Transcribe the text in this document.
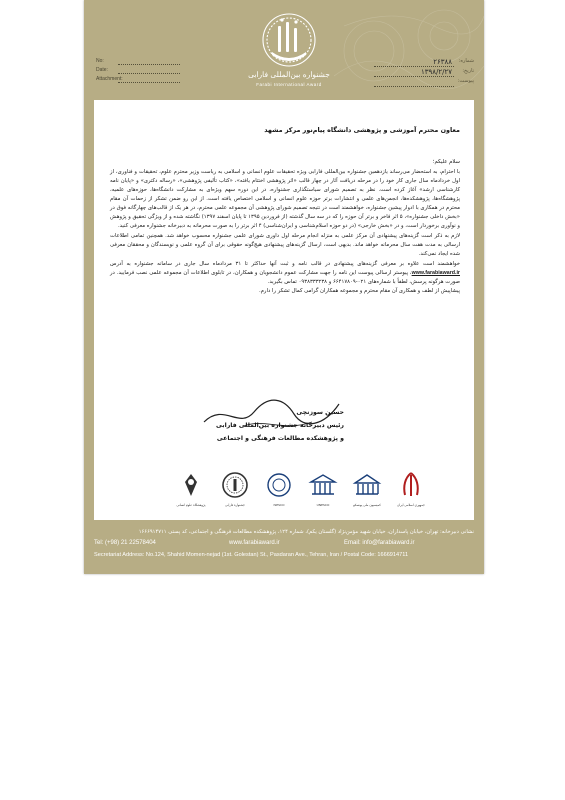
No:
Date:
Attachment:	جشنواره بین‌المللی فارابی
Farabi International Award
شماره:
۲۶۳۸۸
تاریخ:
۱۳۹۸/۲/۲۷
پیوست:
معاون محترم آموزشی و پژوهشی دانشگاه پیام‌نور مرکز مشهد

سلام علیکم؛

با احترام، به استحضار می‌رساند یازدهمین جشنواره بین‌المللی فارابی ویژه تحقیقات علوم انسانی و اسلامی به ریاست وزیر محترم علوم، تحقیقات و فناوری، از اول خردادماه سال جاری کار خود را در مرحله دریافت آثار در چهار قالب «اثر پژوهشی اختتام یافته»، «کتاب تألیفی پژوهشی»، «رساله دکتری» و «پایان نامه کارشناسی ارشد» آغاز کرده است. نظر به تصمیم شورای سیاستگذاری جشنواره، در این دوره سهم ویژه‌ای به مشارکت دانشگاه‌ها، حوزه‌های علمیه، پژوهشگاه‌ها، پژوهشکده‌ها، انجمن‌های علمی و انتشارات برتر حوزه علوم انسانی و اسلامی اختصاص یافته است. از این رو ضمن تشکر از زحمات آن مقام محترم در همکاری با ادوار پیشین جشنواره، خواهشمند است در نتیجه تصمیم شورای پژوهشی آن مجموعه علمی محترم، در هر یک از قالب‌های چهارگانه فوق در «بخش داخلی جشنواره»، ۵ اثر فاخر و برتر آن حوزه را که در سه سال گذشته (از فروردین ۱۳۹۵ تا پایان اسفند ۱۳۹۷) نگاشته شده و از ویژگی تحقیق و پژوهش و نوآوری برخوردار است، و در «بخش خارجی» (در دو حوزه اسلام‌شناسی و ایران‌شناسی) ۴ اثر برتر را به صورت محرمانه به دبیرخانه جشنواره معرفی کنید.

لازم به ذکر است گزینه‌های پیشنهادی آن مرکز علمی به منزله انجام مرحله اول داوری شورای علمی جشنواره محسوب خواهد شد. همچنین تمامی اطلاعات ارسالی به مدت هفت سال محرمانه خواهد ماند. بدیهی است، ارسال گزینه‌های پیشنهادی هیچ‌گونه حقوقی برای آن گروه علمی و نویسندگان و محققان معرفی شده ایجاد نمی‌کند.

خواهشمند است علاوه بر معرفی گزینه‌های پیشنهادی در قالب نامه و ثبت آنها حداکثر تا ۳۱ مردادماه سال جاری در سامانه جشنواره به آدرس www.farabiaward.ir، پیوستر ارسالی پیوست این نامه را جهت مشارکت عموم دانشجویان و همکاران، در تابلوی اطلاعات آن مجموعه علمی نصب فرمایید. در صورت هرگونه پرسش، لطفاً با شماره‌های ۰۲۱-۶۶۴۱۷۸۰۹ و ۰۹۳۸۳۳۳۲۳۸ تماس بگیرید.

پیشاپیش از لطف و همکاری آن مقام محترم و مجموعه همکاران گرامی کمال تشکر را دارم.

حسین سوزنچی
رئیس دبیرخانه جشنواره بین‌المللی فارابی
و پژوهشکده مطالعات فرهنگی و اجتماعی
جمهوری اسلامی ایران
کمیسیون ملی یونسکو
UNESCO
ISESCO
جشنواره فارابی
پژوهشگاه علوم انسانی
نشانی دبیرخانه: تهران، خیابان پاسداران، خیابان شهید مؤمن‌نژاد (گلستان یکم)، شماره ۱۲۴، پژوهشکده مطالعات فرهنگی و اجتماعی، کد پستی ۱۶۶۶۹۱۴۷۱۱
Tel: (+98) 21 22578404	www.farabiaward.ir	Email: info@farabiaward.ir
Secretariat Address: No.124, Shahid Momen-nejad (1st. Golestan) St., Pasdaran Ave., Tehran, Iran / Postal Code: 1666914711
